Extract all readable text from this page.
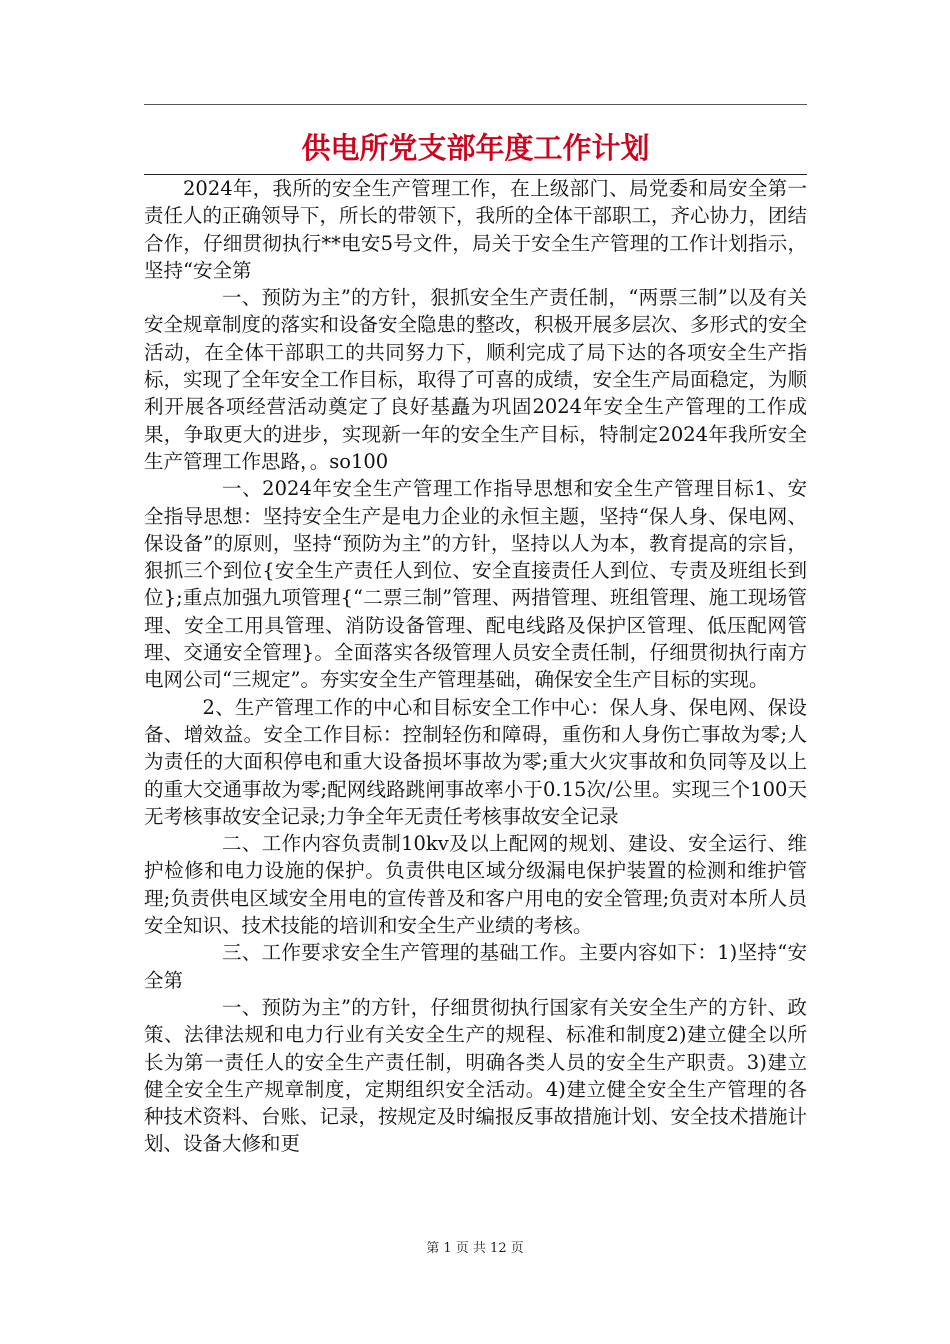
供电所党支部年度工作计划

2024年，我所的安全生产管理工作，在上级部门、局党委和局安全第一责任人的正确领导下，所长的带领下，我所的全体干部职工，齐心协力，团结合作，仔细贯彻执行**电安5号文件，局关于安全生产管理的工作计划指示，坚持“安全第

一、预防为主”的方针，狠抓安全生产责任制，“两票三制”以及有关安全规章制度的落实和设备安全隐患的整改，积极开展多层次、多形式的安全活动，在全体干部职工的共同努力下，顺利完成了局下达的各项安全生产指标，实现了全年安全工作目标，取得了可喜的成绩，安全生产局面稳定，为顺利开展各项经营活动奠定了良好基矗为巩固2024年安全生产管理的工作成果，争取更大的进步，实现新一年的安全生产目标，特制定2024年我所安全生产管理工作思路，。so100

一、2024年安全生产管理工作指导思想和安全生产管理目标1、安全指导思想：坚持安全生产是电力企业的永恒主题，坚持“保人身、保电网、保设备”的原则，坚持“预防为主”的方针，坚持以人为本，教育提高的宗旨，狠抓三个到位{安全生产责任人到位、安全直接责任人到位、专责及班组长到位};重点加强九项管理{“二票三制”管理、两措管理、班组管理、施工现场管理、安全工用具管理、消防设备管理、配电线路及保护区管理、低压配网管理、交通安全管理}。全面落实各级管理人员安全责任制，仔细贯彻执行南方电网公司“三规定”。夯实安全生产管理基础，确保安全生产目标的实现。

2、生产管理工作的中心和目标安全工作中心：保人身、保电网、保设备、增效益。安全工作目标：控制轻伤和障碍，重伤和人身伤亡事故为零;人为责任的大面积停电和重大设备损坏事故为零;重大火灾事故和负同等及以上的重大交通事故为零;配网线路跳闸事故率小于0.15次/公里。实现三个100天无考核事故安全记录;力争全年无责任考核事故安全记录

二、工作内容负责制10kv及以上配网的规划、建设、安全运行、维护检修和电力设施的保护。负责供电区域分级漏电保护装置的检测和维护管理;负责供电区域安全用电的宣传普及和客户用电的安全管理;负责对本所人员安全知识、技术技能的培训和安全生产业绩的考核。

三、工作要求安全生产管理的基础工作。主要内容如下：1)坚持“安全第

一、预防为主”的方针，仔细贯彻执行国家有关安全生产的方针、政策、法律法规和电力行业有关安全生产的规程、标准和制度2)建立健全以所长为第一责任人的安全生产责任制，明确各类人员的安全生产职责。3)建立健全安全生产规章制度，定期组织安全活动。4)建立健全安全生产管理的各种技术资料、台账、记录，按规定及时编报反事故措施计划、安全技术措施计划、设备大修和更

第 1 页 共 12 页
